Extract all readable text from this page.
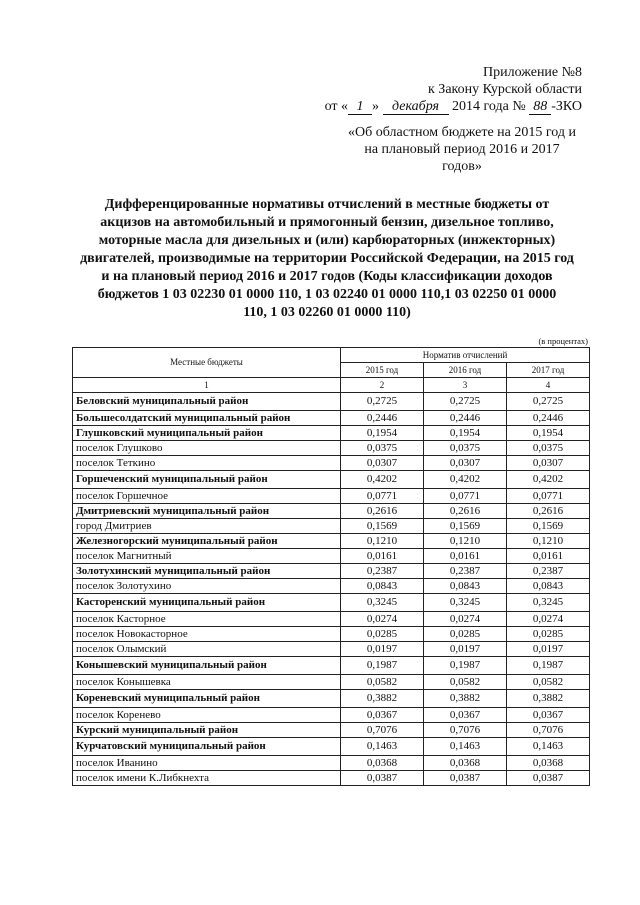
Приложение №8
к Закону Курской области
от « 1 » декабря 2014 года № 88 -ЗКО
«Об областном бюджете на 2015 год и
на плановый период 2016 и 2017
годов»
Дифференцированные нормативы отчислений в местные бюджеты от
акцизов на автомобильный и прямогонный бензин, дизельное топливо,
моторные масла для дизельных и (или) карбюраторных (инжекторных)
двигателей, производимые на территории Российской Федерации, на 2015 год
и на плановый период 2016 и 2017 годов (Коды классификации доходов
бюджетов 1 03 02230 01 0000 110, 1 03 02240 01 0000 110,1 03 02250 01 0000
110, 1 03 02260 01 0000 110)
(в процентах)
Местные бюджеты	Норматив отчислений		
	2015 год	2016 год	2017 год
1	2	3	4
Беловский муниципальный район	0,2725	0,2725	0,2725
Большесолдатский муниципальный район	0,2446	0,2446	0,2446
Глушковский муниципальный район	0,1954	0,1954	0,1954
поселок Глушково	0,0375	0,0375	0,0375
поселок Теткино	0,0307	0,0307	0,0307
Горшеченский муниципальный район	0,4202	0,4202	0,4202
поселок Горшечное	0,0771	0,0771	0,0771
Дмитриевский муниципальный район	0,2616	0,2616	0,2616
город Дмитриев	0,1569	0,1569	0,1569
Железногорский муниципальный район	0,1210	0,1210	0,1210
поселок Магнитный	0,0161	0,0161	0,0161
Золотухинский муниципальный район	0,2387	0,2387	0,2387
поселок Золотухино	0,0843	0,0843	0,0843
Касторенский муниципальный район	0,3245	0,3245	0,3245
поселок Касторное	0,0274	0,0274	0,0274
поселок Новокасторное	0,0285	0,0285	0,0285
поселок Олымский	0,0197	0,0197	0,0197
Конышевский муниципальный район	0,1987	0,1987	0,1987
поселок Конышевка	0,0582	0,0582	0,0582
Кореневский муниципальный район	0,3882	0,3882	0,3882
поселок Коренево	0,0367	0,0367	0,0367
Курский муниципальный район	0,7076	0,7076	0,7076
Курчатовский муниципальный район	0,1463	0,1463	0,1463
поселок Иванино	0,0368	0,0368	0,0368
поселок имени К.Либкнехта	0,0387	0,0387	0,0387
